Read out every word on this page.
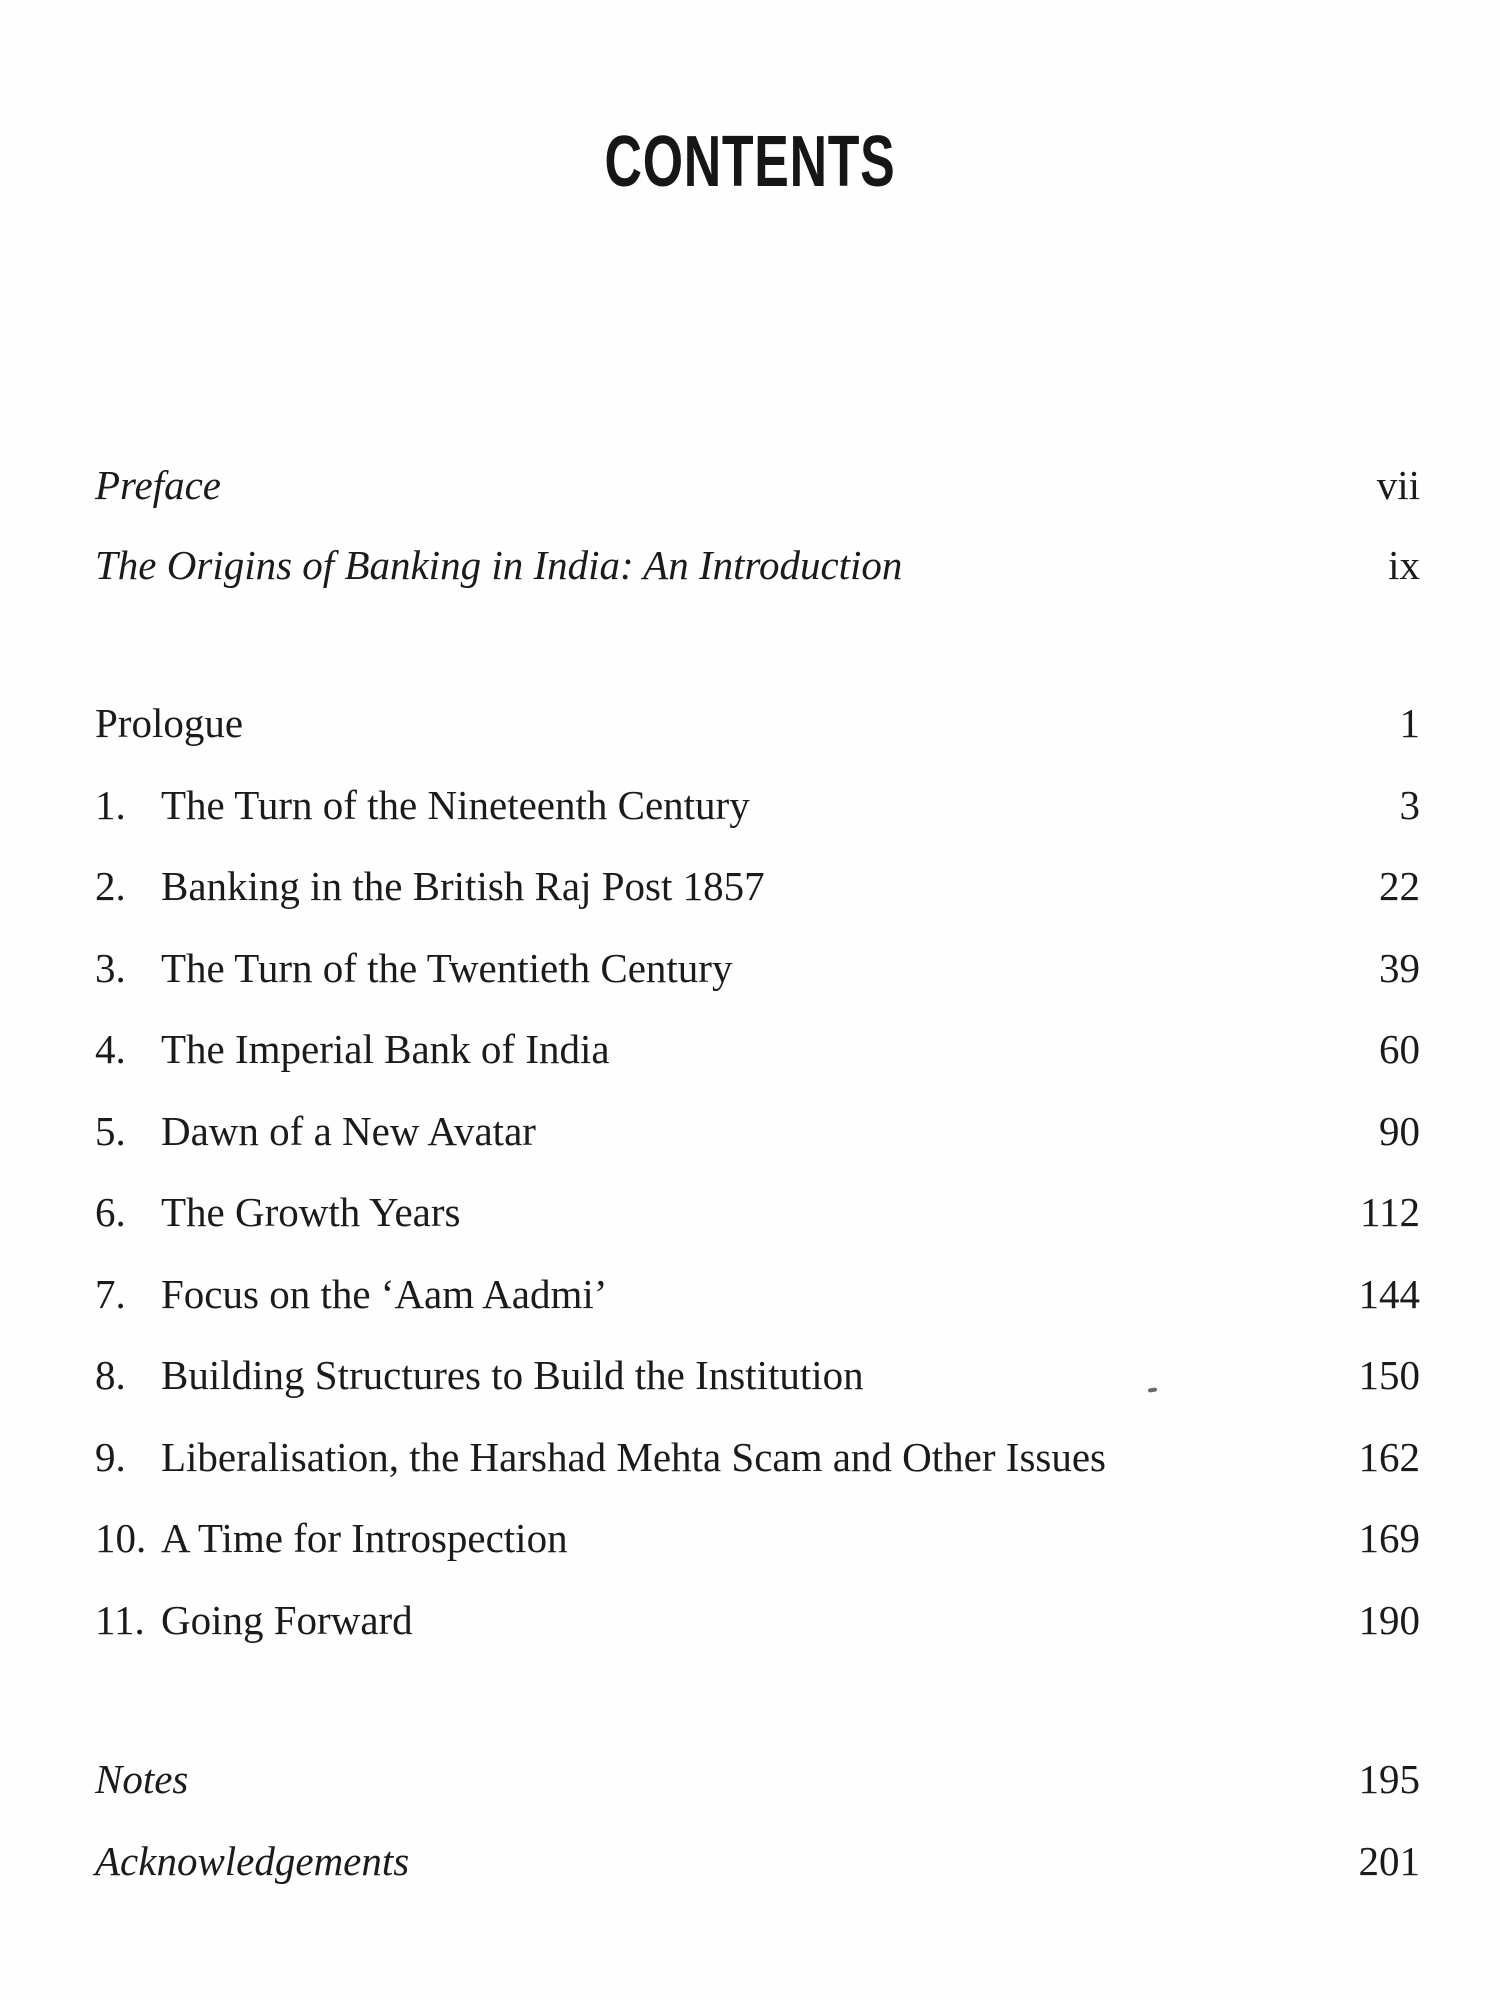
CONTENTS
Preface	vii
The Origins of Banking in India: An Introduction	ix
Prologue	1
1. The Turn of the Nineteenth Century	3
2. Banking in the British Raj Post 1857	22
3. The Turn of the Twentieth Century	39
4. The Imperial Bank of India	60
5. Dawn of a New Avatar	90
6. The Growth Years	112
7. Focus on the ‘Aam Aadmi’	144
8. Building Structures to Build the Institution	150
9. Liberalisation, the Harshad Mehta Scam and Other Issues	162
10. A Time for Introspection	169
11. Going Forward	190
Notes	195
Acknowledgements	201
